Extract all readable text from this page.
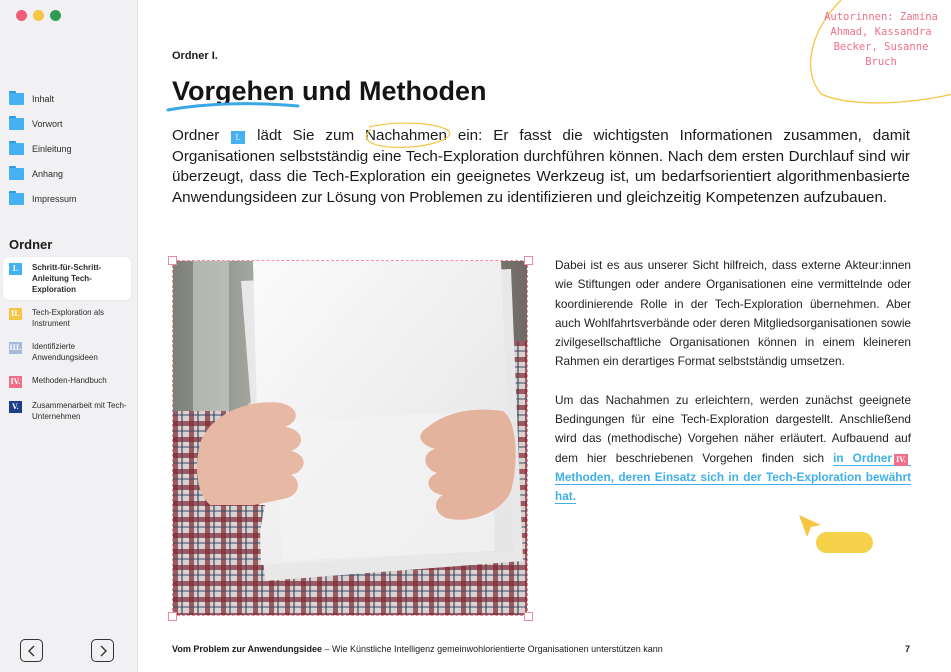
Inhalt
Vorwort
Einleitung
Anhang
Impressum
Ordner
I.	Schritt-für-Schritt-Anleitung Tech-Exploration
II. Tech-Exploration als Instrument
III. Identifizierte Anwendungsideen
IV. Methoden-Handbuch
V.	Zusammenarbeit mit Tech-Unternehmen
Ordner I.
Vorgehen und Methoden

Ordner I. lädt Sie zum Nachahmen ein: Er fasst die wichtigsten Informationen zusammen, damit Organisationen selbstständig eine Tech-Exploration durchführen können. Nach dem ersten Durchlauf sind wir überzeugt, dass die Tech-Exploration ein geeignetes Werkzeug ist, um bedarfsorientiert algorithmenbasierte Anwendungsideen zur Lösung von Problemen zu identifizieren und gleichzeitig Kompetenzen aufzubauen.

Dabei ist es aus unserer Sicht hilfreich, dass externe Akteur:innen wie Stiftungen oder andere Organisationen eine vermittelnde oder koordinierende Rolle in der Tech-Exploration übernehmen. Aber auch Wohlfahrtsverbände oder deren Mitgliedsorganisationen sowie zivilgesellschaftliche Organisationen können in einem kleineren Rahmen ein derartiges Format selbstständig umsetzen.

Um das Nachahmen zu erleichtern, werden zunächst geeignete Bedingungen für eine Tech-Exploration dargestellt. Anschließend wird das (methodische) Vorgehen näher erläutert. Aufbauend auf dem hier beschriebenen Vorgehen finden sich in Ordner IV.Methoden, deren Einsatz sich in der Tech-Exploration bewährt hat.

Autorinnen: Zamina Ahmad, Kassandra Becker, Susanne Bruch
Vom Problem zur Anwendungsidee – Wie Künstliche Intelligenz gemeinwohlorientierte Organisationen unterstützen kann	7
